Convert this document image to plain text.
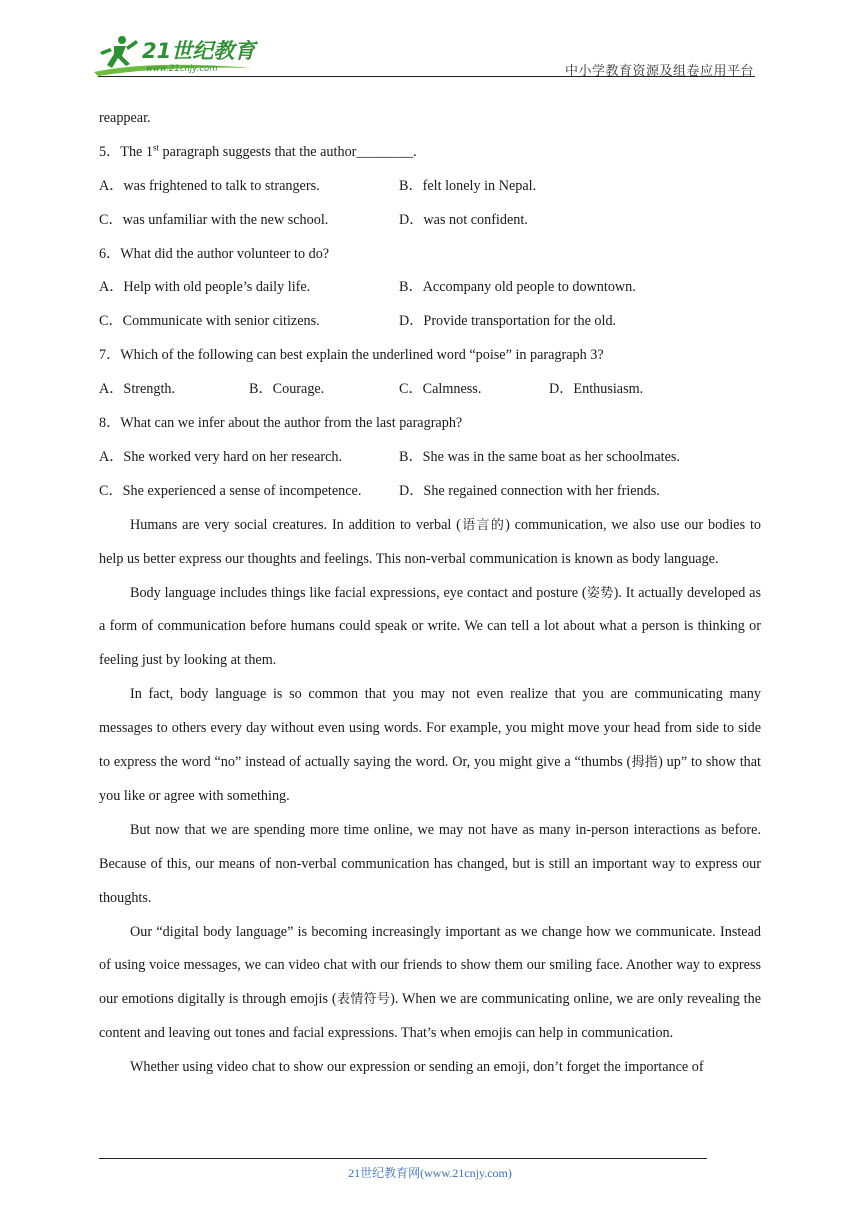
21世纪教育
www.21cnjy.com	中小学教育资源及组卷应用平台
reappear.
5．The 1st paragraph suggests that the author________.
A．was frightened to talk to strangers.	B．felt lonely in Nepal.
C．was unfamiliar with the new school.	D．was not confident.
6．What did the author volunteer to do?
A．Help with old people’s daily life.	B．Accompany old people to downtown.
C．Communicate with senior citizens.	D．Provide transportation for the old.
7．Which of the following can best explain the underlined word “poise” in paragraph 3?
A．Strength.	B．Courage.	C．Calmness.	D．Enthusiasm.
8．What can we infer about the author from the last paragraph?
A．She worked very hard on her research.	B．She was in the same boat as her schoolmates.
C．She experienced a sense of incompetence.	D．She regained connection with her friends.

Humans are very social creatures. In addition to verbal (语言的) communication, we also use our bodies to help us better express our thoughts and feelings. This non-verbal communication is known as body language.

Body language includes things like facial expressions, eye contact and posture (姿势). It actually developed as a form of communication before humans could speak or write. We can tell a lot about what a person is thinking or feeling just by looking at them.

In fact, body language is so common that you may not even realize that you are communicating many messages to others every day without even using words. For example, you might move your head from side to side to express the word “no” instead of actually saying the word. Or, you might give a “thumbs (拇指) up” to show that you like or agree with something.

But now that we are spending more time online, we may not have as many in-person interactions as before. Because of this, our means of non-verbal communication has changed, but is still an important way to express our thoughts.

Our “digital body language” is becoming increasingly important as we change how we communicate. Instead of using voice messages, we can video chat with our friends to show them our smiling face. Another way to express our emotions digitally is through emojis (表情符号). When we are communicating online, we are only revealing the content and leaving out tones and facial expressions. That’s when emojis can help in communication.

Whether using video chat to show our expression or sending an emoji, don’t forget the importance of

21世纪教育网(www.21cnjy.com)
